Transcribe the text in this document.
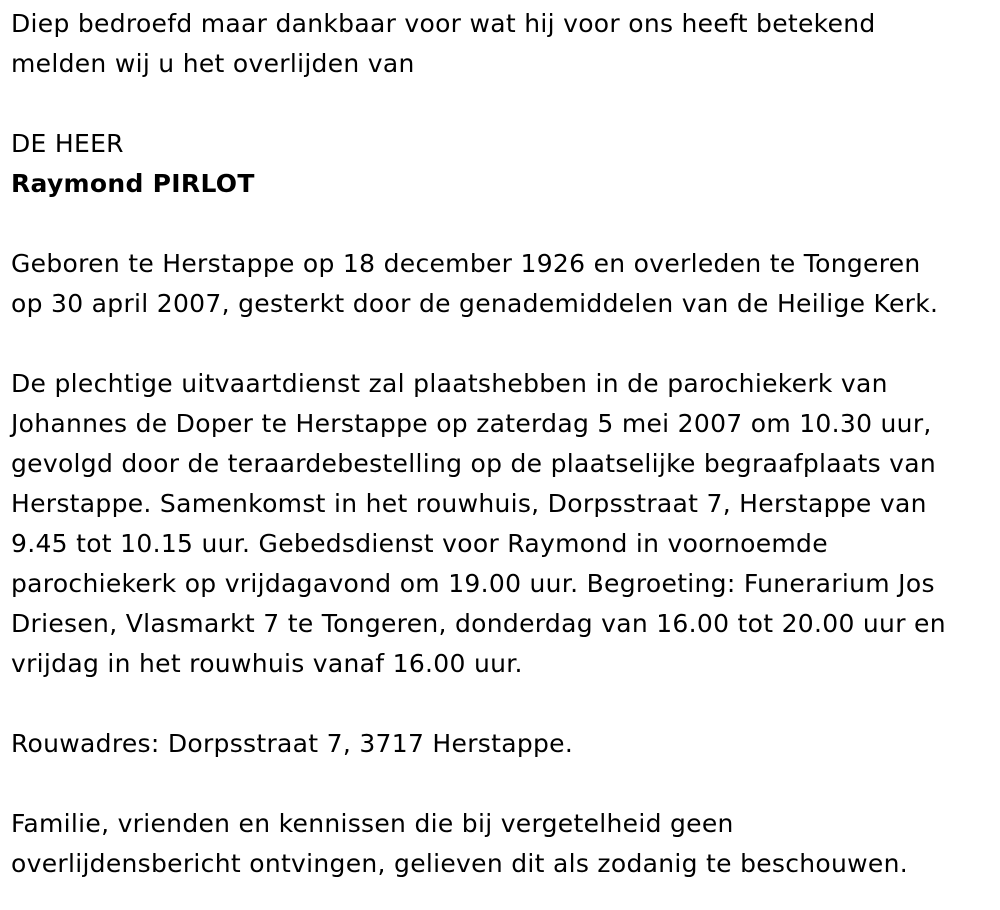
Diep bedroefd maar dankbaar voor wat hij voor ons heeft betekend
melden wij u het overlijden van
DE HEER
Raymond PIRLOT
Geboren te Herstappe op 18 december 1926 en overleden te Tongeren
op 30 april 2007, gesterkt door de genademiddelen van de Heilige Kerk.
De plechtige uitvaartdienst zal plaatshebben in de parochiekerk van
Johannes de Doper te Herstappe op zaterdag 5 mei 2007 om 10.30 uur,
gevolgd door de teraardebestelling op de plaatselijke begraafplaats van
Herstappe. Samenkomst in het rouwhuis, Dorpsstraat 7, Herstappe van
9.45 tot 10.15 uur. Gebedsdienst voor Raymond in voornoemde
parochiekerk op vrijdagavond om 19.00 uur. Begroeting: Funerarium Jos
Driesen, Vlasmarkt 7 te Tongeren, donderdag van 16.00 tot 20.00 uur en
vrijdag in het rouwhuis vanaf 16.00 uur.
Rouwadres: Dorpsstraat 7, 3717 Herstappe.
Familie, vrienden en kennissen die bij vergetelheid geen
overlijdensbericht ontvingen, gelieven dit als zodanig te beschouwen.
